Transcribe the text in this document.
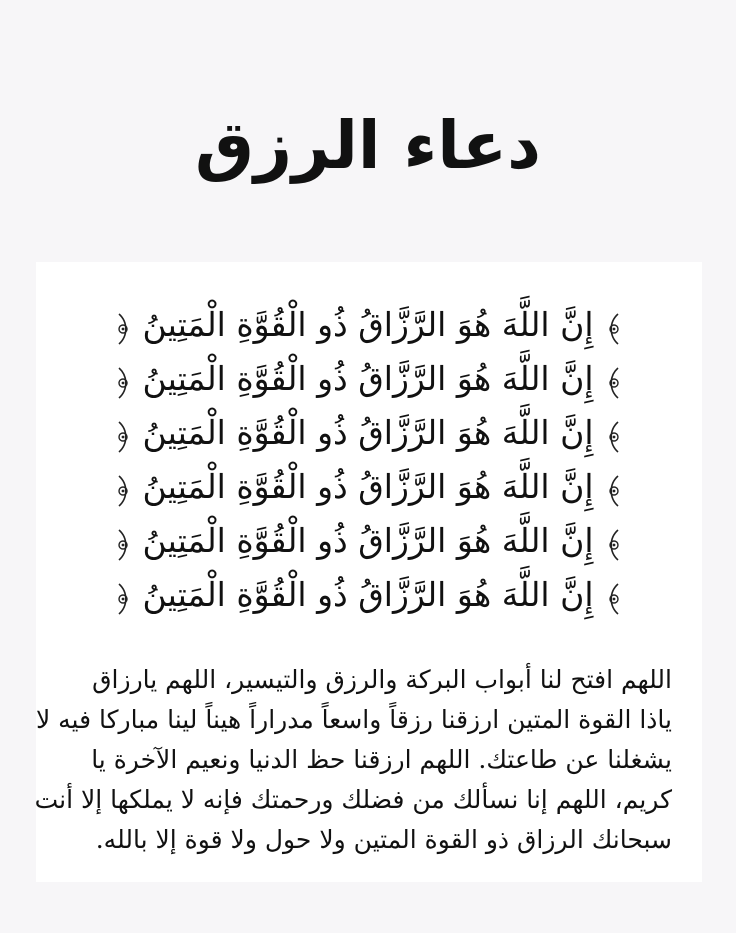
دعاء الرزق
إِنَّ اللَّهَ هُوَ الرَّزَّاقُ ذُو الْقُوَّةِ الْمَتِينُ
إِنَّ اللَّهَ هُوَ الرَّزَّاقُ ذُو الْقُوَّةِ الْمَتِينُ
إِنَّ اللَّهَ هُوَ الرَّزَّاقُ ذُو الْقُوَّةِ الْمَتِينُ
إِنَّ اللَّهَ هُوَ الرَّزَّاقُ ذُو الْقُوَّةِ الْمَتِينُ
إِنَّ اللَّهَ هُوَ الرَّزَّاقُ ذُو الْقُوَّةِ الْمَتِينُ
إِنَّ اللَّهَ هُوَ الرَّزَّاقُ ذُو الْقُوَّةِ الْمَتِينُ
اللهم افتح لنا أبواب البركة والرزق والتيسير، اللهم يارزاق
ياذا القوة المتين ارزقنا رزقاً واسعاً مدراراً هيناً لينا مباركا فيه لا
يشغلنا عن طاعتك. اللهم ارزقنا حظ الدنيا ونعيم الآخرة يا
كريم، اللهم إنا نسألك من فضلك ورحمتك فإنه لا يملكها إلا أنت
سبحانك الرزاق ذو القوة المتين ولا حول ولا قوة إلا بالله.
